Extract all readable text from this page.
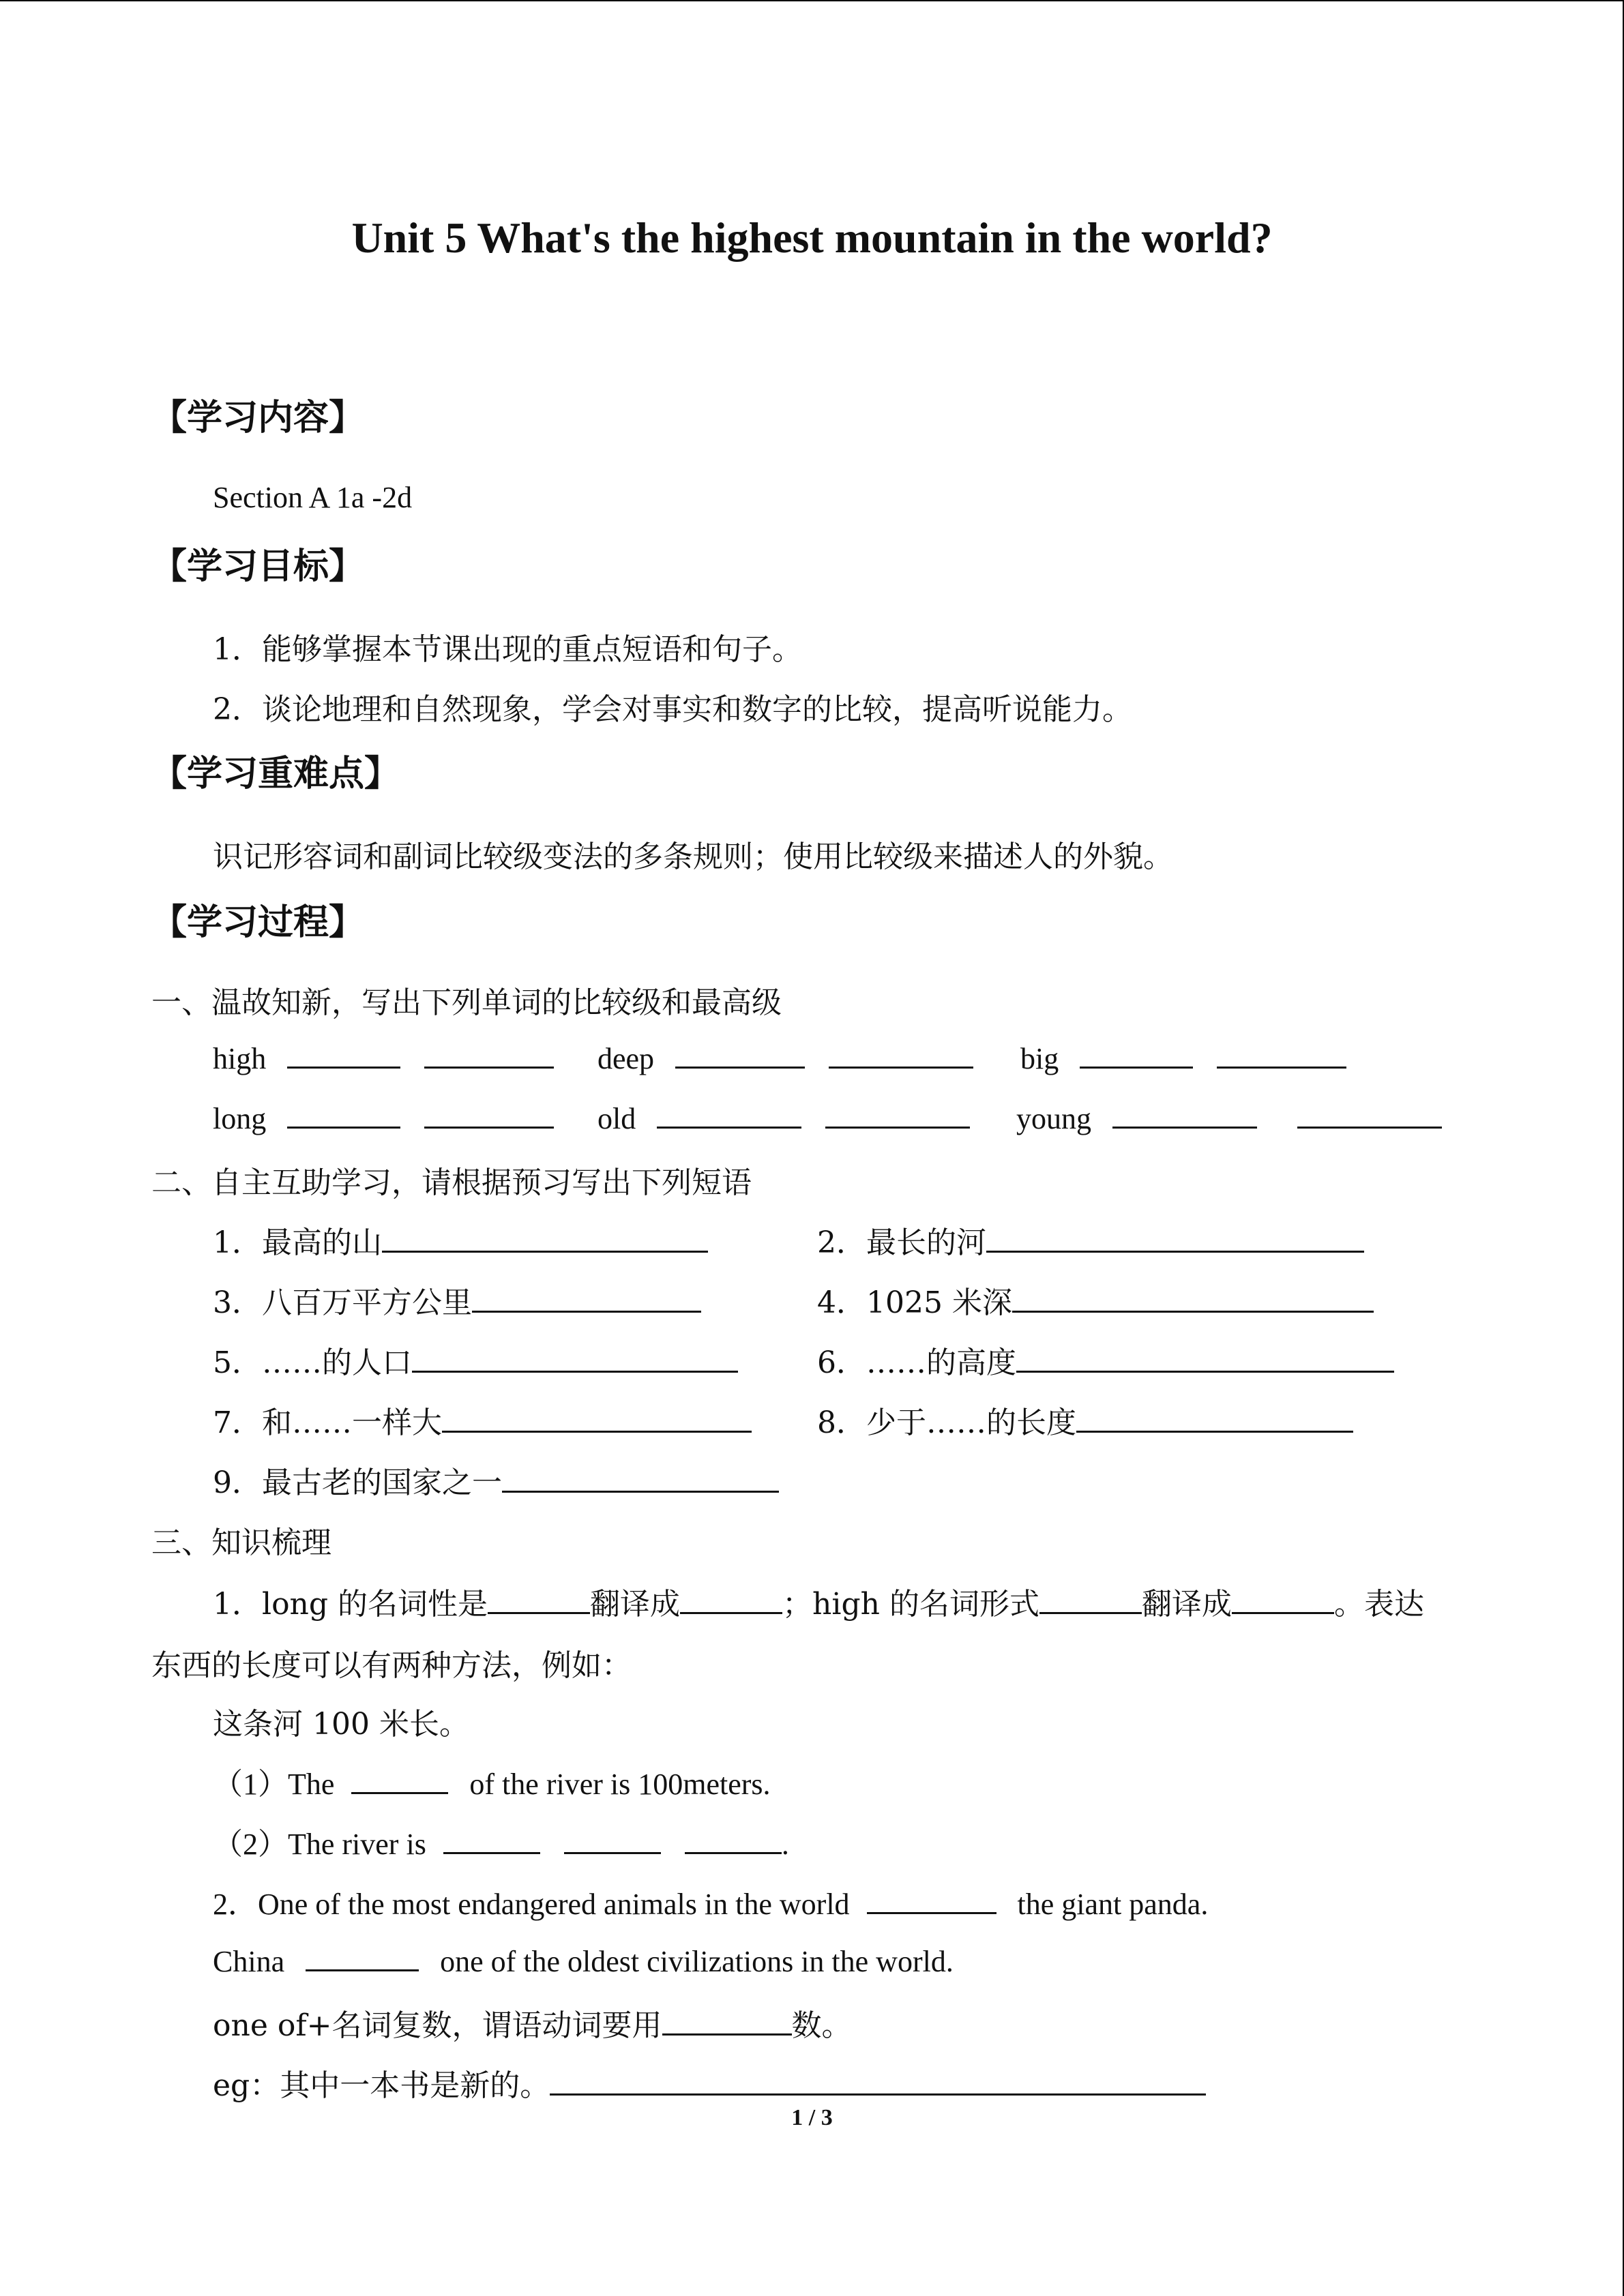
Unit 5 What's the highest mountain in the world?
【学习内容】
Section A 1a -2d
【学习目标】
1．能够掌握本节课出现的重点短语和句子。
2．谈论地理和自然现象，学会对事实和数字的比较，提高听说能力。
【学习重难点】
识记形容词和副词比较级变法的多条规则；使用比较级来描述人的外貌。
【学习过程】
一、温故知新，写出下列单词的比较级和最高级
high	deep	big
long	old	young
二、自主互助学习，请根据预习写出下列短语
1．最高的山	2．最长的河
3．八百万平方公里	4．1025 米深
5．……的人口	6．……的高度
7．和……一样大	8．少于……的长度
9．最古老的国家之一
三、知识梳理
1．long 的名词性是	翻译成	；high 的名词形式	翻译成	。表达
东西的长度可以有两种方法，例如：
这条河 100 米长。
（1）The	of the river is 100meters.
（2）The river is	.
2．One of the most endangered animals in the world	the giant panda.
China	one of the oldest civilizations in the world.
one of+名词复数，谓语动词要用	数。
eg：其中一本书是新的。
1 / 3
